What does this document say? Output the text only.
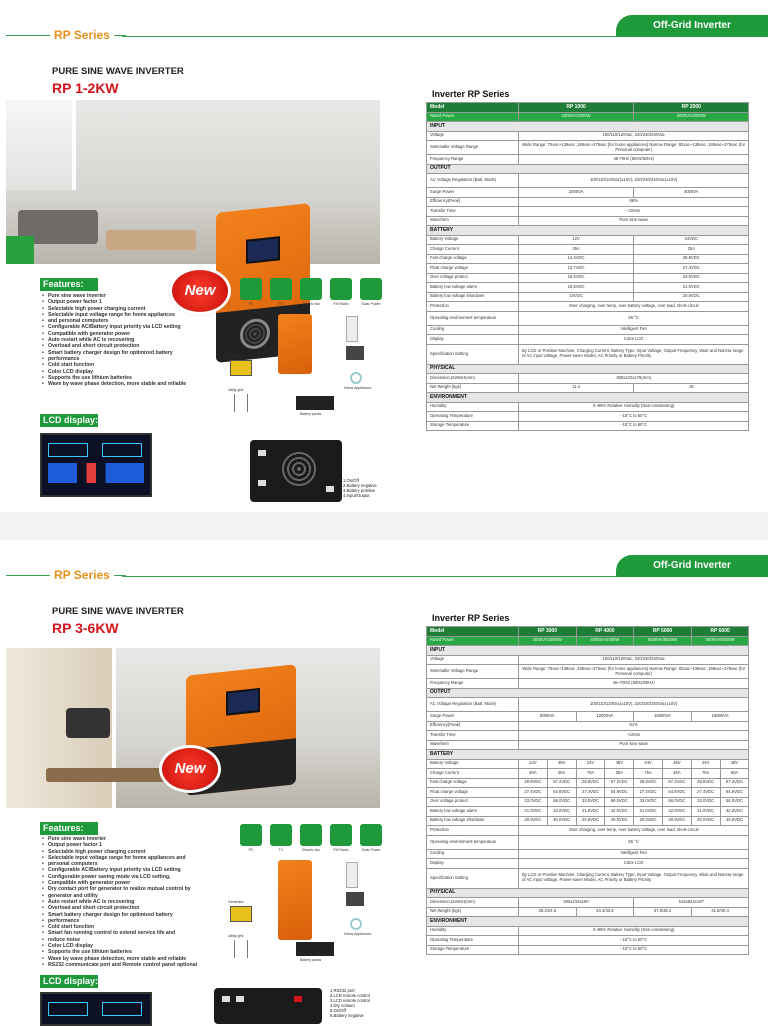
RP Series
Off-Grid Inverter
PURE SINE WAVE INVERTER
RP 1-2KW
New
Features:
• Pure sine wave inverter
• Output power factor 1
• Selectable high power charging current
• Selectable input voltage range for home appliances
• and personal computers
• Configurable AC/Battery input priority via LCD setting
• Compatible with generator power
• Auto restart while AC is recovering
• Overload and short circuit protection
• Smart battery charger design for optimized battery
• performance
• Cold start function
• Color LCD display
• Supports the use lithium batteries
• Wave by wave phase detection, more stable and reliable
LCD display:
PC	TV	Electric fan	FM Radio	Solar Power
Generator
Utility grid
Battery packs
Home Appliances
1.On/Off
2.Battery negative
3.Battery positive
4.Input/Output
Inverter RP Series
Model	RP 1000	RP 2000
Rated Power	1000VA/1000W	2000VA/2000W
INPUT		
Voltage	100/110/120Vac, 220/230/240Vac	
Selectable Voltage Range	Wide Range: 75vac~138vac ,155vac~275vac (for home appliances) Narrow Range: 82vac~138vac ,165vac~275vac (for Personal computer)	
Frequency Range	45-70Hz (50Hz/60Hz)	
OUTPUT		
AC Voltage Regulation (Batt. Mode)	100/110/120Vac(±10V), 220/230/240Vac(±10V)	
Surge Power	2000VA	4000VA
Efficiency(Peak)	88%	
Transfer Time	<20ms	
Waveform	Pure sine wave	
BATTERY		
Battery Voltage	12V	24VDC
Charge Current	35A	35A
Fast charge voltage	14.4VDC	28.8VDC
Float charge voltage	13.7VDC	27.4VDC
Over voltage protect	16.5VDC	33.0VDC
Battery low voltage alarm	10.5VDC	21.0VDC
Battery low voltage shutdown	10VDC	20.0VDC
Protection	Over charging, over temp, over battery voltage, over load, short-circuit	
Operating environment temperature	55 °C	
Cooling	Intelligent Fan	
Display	Color LCD	
Specification Setting	By LCD or Position Machine, Charging Current, Battery Type, Input Voltage, Output Frequency, Wide and Narrow range of AC input voltage, Power-saver Model, AC Priority or Battery Priority	
PHYSICAL		
Dimension,DxWxH(mm)	398x222x176(mm)	
Net Weight (kgs)	11.4	15
ENVIRONMENT		
Humidity	5~95% Relative Humidity (Non-condensing)	
Operating Temperature	−15°C to 50°C	
Storage Temperature	−15°C to 60°C	
RP Series
Off-Grid Inverter
PURE SINE WAVE INVERTER
RP 3-6KW
New
Features:
• Pure sine wave inverter
• Output power factor 1
• Selectable high power charging current
• Selectable input voltage range for home appliances and
• personal computers
• Configurable AC/Battery input priority via LCD setting
• Configurable power saving mode via LCD setting,
• Compatible with generator power
• Dry contact port for generator to realize mutual control by
• generator and utility
• Auto restart while AC is recovering
• Overload and short circuit protection
• Smart battery charger design for optimized battery
• performance
• Cold start function
• Smart fan running control to extend service life and
• reduce noise
• Color LCD display
• Supports the use lithium batteries
• Wave by wave phase detection, more stable and reliable
• RS232 communicate port and Remote control panel optional
LCD display:
PC	TV	Electric fan	FM Radio	Solar Power
Generator
Utility grid
Battery packs
Home Appliances
1.RS232 port
2.LCD remote control
3.LCD remote control
4.Dry contact
5.On/Off
6.Battery negative
Inverter RP Series
Model	RP 3000		RP 4000		RP 5000		RP 6000	
Rated Power	3000VA/3000W		4000VA/4000W		5000VA/5000W		6000VA/6000W	
INPUT								
Voltage	100/110/120Vac, 220/230/240Vac							
Selectable Voltage Range	Wide Range: 75vac~138vac ,155vac~275vac (for home appliances) Narrow Range: 82vac~138vac ,165vac~275vac (for Personal computer)							
Frequency Range	45~70HZ (50Hz/60Hz)							
OUTPUT								
AC Voltage Regulation (Batt. Mode)	100/110/120Vac(±10V), 220/230/240Vac(±10V)							
Surge Power	6000VA		12000VA		15000VA		18000VA	
Efficiency(Peak)	91%							
Transfer Time	<10ms							
Waveform	Pure sine wave							
BATTERY								
Battery Voltage	24V	48V	24V	48V	24V	48V	24V	48V
Charge Current	50A	25A	70A	35A	75A	45A	75A	50A
Fast charge voltage	28.8VDC	57.2VDC	28.8VDC	57.2VDC	28.8VDC	57.2VDC	28.8VDC	57.2VDC
Float charge voltage	27.4VDC	54.8VDC	27.4VDC	54.8VDC	27.4VDC	54.8VDC	27.4VDC	54.8VDC
Over voltage protect	33.0VDC	66.0VDC	33.0VDC	66.0VDC	33.0VDC	66.0VDC	33.0VDC	66.0VDC
Battery low voltage alarm	21.0VDC	42.0VDC	21.0VDC	42.0VDC	21.0VDC	42.0VDC	21.0VDC	42.0VDC
Battery low voltage shutdown	20.0VDC	40.0VDC	20.0VDC	40.0VDC	20.0VDC	40.0VDC	20.0VDC	40.0VDC
Protection	Over charging, over temp, over battery voltage, over load, short-circuit							
Operating environment temperature	55 °C							
Cooling	Intelligent Fan							
Display	Color LCD							
Specification Setting	By LCD or Position Machine, Charging Current, Battery Type, Input Voltage, Output Frequency, Wide and Narrow range of AC input voltage, Power-saver Model, AC Priority or Battery Priority							
PHYSICAL								
Dimension,DxWxH(mm)	505x218x190				516x844x197			
Net Weight (kgs)	25.2/24.6		34.4/33.8		37.8/38.2		41.8/40.4	
ENVIRONMENT								
Humidity	5~95% Relative Humidity (Non-condensing)							
Operating Temperature	−15°C to 50°C							
Storage Temperature	−15°C to 60°C							
